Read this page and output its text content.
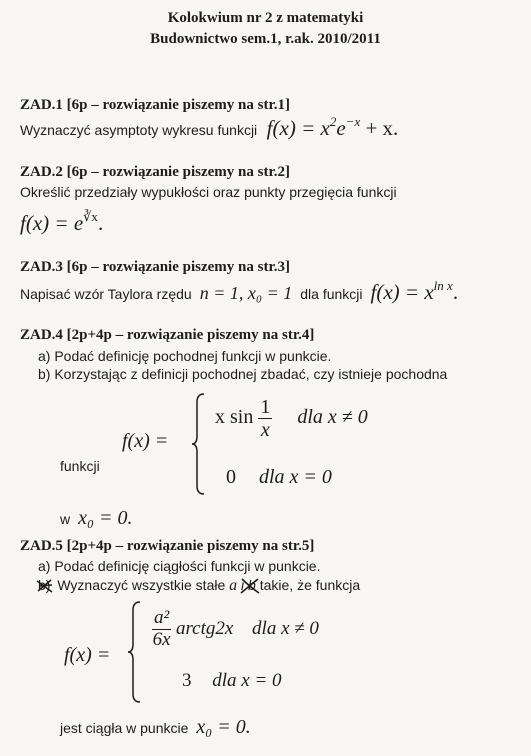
Kolokwium nr 2 z matematyki
Budownictwo sem.1, r.ak. 2010/2011
ZAD.1 [6p – rozwiązanie piszemy na str.1]
Wyznaczyć asymptoty wykresu funkcji $f(x) = x^2e^{-x} + x$.
ZAD.2 [6p – rozwiązanie piszemy na str.2]
Określić przedziały wypukłości oraz punkty przegięcia funkcji
$f(x) = e^{∛x}$.
ZAD.3 [6p – rozwiązanie piszemy na str.3]
Napisać wzór Taylora rzędu n = 1, x₀ = 1 dla funkcji $f(x) = x^{ln x}$.
ZAD.4 [2p+4p – rozwiązanie piszemy na str.4]
a) Podać definicję pochodnej funkcji w punkcie.
b) Korzystając z definicji pochodnej zbadać, czy istnieje pochodna
f(x) =
x $\sin \frac{1}{x}$ dla x ≠ 0
funkcji	0 dla x = 0
w x₀ = 0.
ZAD.5 [2p+4p – rozwiązanie piszemy na str.5]
a) Podać definicję ciągłości funkcji w punkcie.
b) Wyznaczyć wszystkie stałe a i b takie, że funkcja
f(x) =
$\frac{\text{a²}}{6x}$ arctg2x dla x ≠ 0
3 dla x = 0
jest ciągła w punkcie x₀ = 0.
